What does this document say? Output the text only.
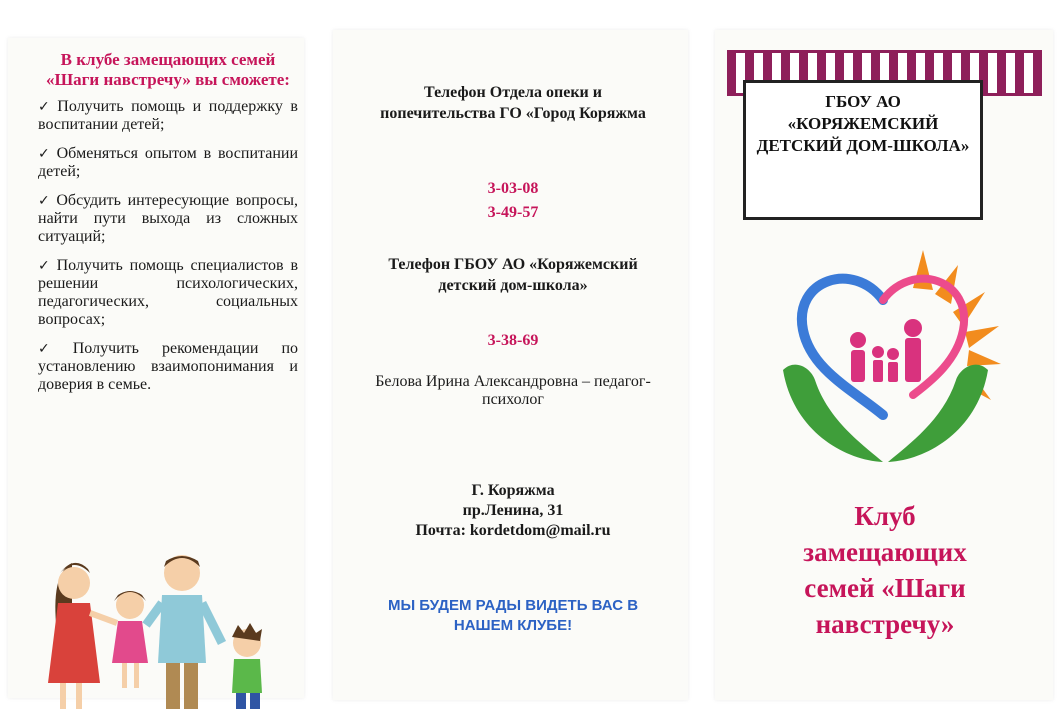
В клубе замещающих семей «Шаги навстречу» вы сможете:
✓ Получить помощь и поддержку в воспитании детей;
✓ Обменяться опытом в воспитании детей;
✓ Обсудить интересующие вопросы, найти пути выхода из сложных ситуаций;
✓ Получить помощь специалистов в решении психологических, педагогических, социальных вопросах;
✓ Получить рекомендации по установлению взаимопонимания и доверия в семье.
Телефон Отдела опеки и попечительства ГО «Город Коряжма
3-03-08
3-49-57
Телефон ГБОУ АО «Коряжемский детский дом-школа»
3-38-69
Белова Ирина Александровна – педагог-психолог
Г. Коряжма
пр.Ленина, 31
Почта: kordetdom@mail.ru
МЫ БУДЕМ РАДЫ ВИДЕТЬ ВАС В НАШЕМ КЛУБЕ!
ГБОУ АО «КОРЯЖЕМСКИЙ ДЕТСКИЙ ДОМ-ШКОЛА»
Клуб замещающих семей «Шаги навстречу»
